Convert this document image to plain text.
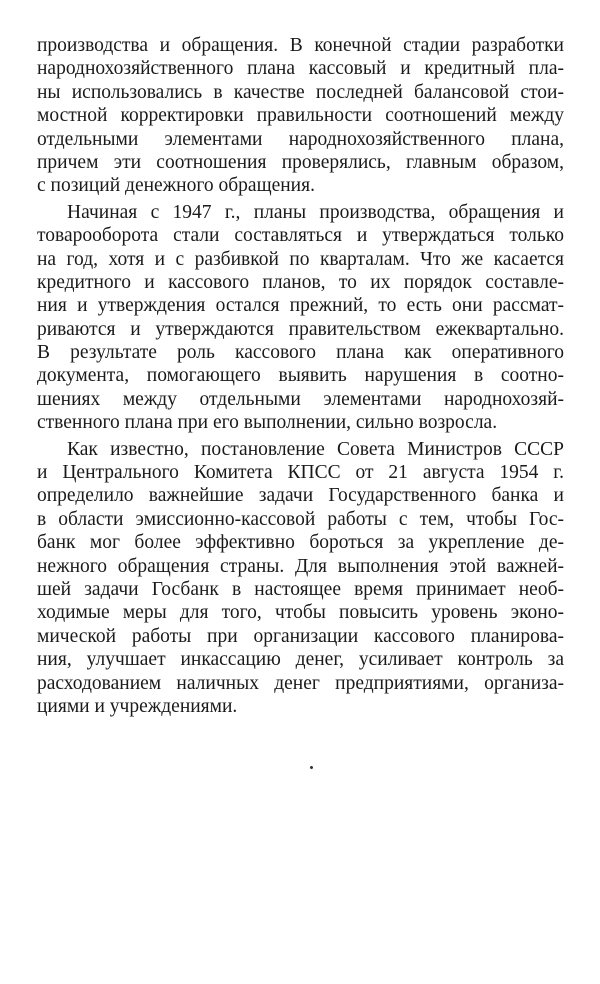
производства и обращения. В конечной стадии разработки
народнохозяйственного плана кассовый и кредитный пла-
ны использовались в качестве последней балансовой стои-
мостной корректировки правильности соотношений между
отдельными элементами народнохозяйственного плана,
причем эти соотношения проверялись, главным образом,
с позиций денежного обращения.
Начиная с 1947 г., планы производства, обращения и
товарооборота стали составляться и утверждаться только
на год, хотя и с разбивкой по кварталам. Что же касается
кредитного и кассового планов, то их порядок составле-
ния и утверждения остался прежний, то есть они рассмат-
риваются и утверждаются правительством ежеквартально.
В результате роль кассового плана как оперативного
документа, помогающего выявить нарушения в соотно-
шениях между отдельными элементами народнохозяй-
ственного плана при его выполнении, сильно возросла.
Как известно, постановление Совета Министров СССР
и Центрального Комитета КПСС от 21 августа 1954 г.
определило важнейшие задачи Государственного банка и
в области эмиссионно-кассовой работы с тем, чтобы Гос-
банк мог более эффективно бороться за укрепление де-
нежного обращения страны. Для выполнения этой важней-
шей задачи Госбанк в настоящее время принимает необ-
ходимые меры для того, чтобы повысить уровень эконо-
мической работы при организации кассового планирова-
ния, улучшает инкассацию денег, усиливает контроль за
расходованием наличных денег предприятиями, организа-
циями и учреждениями.
